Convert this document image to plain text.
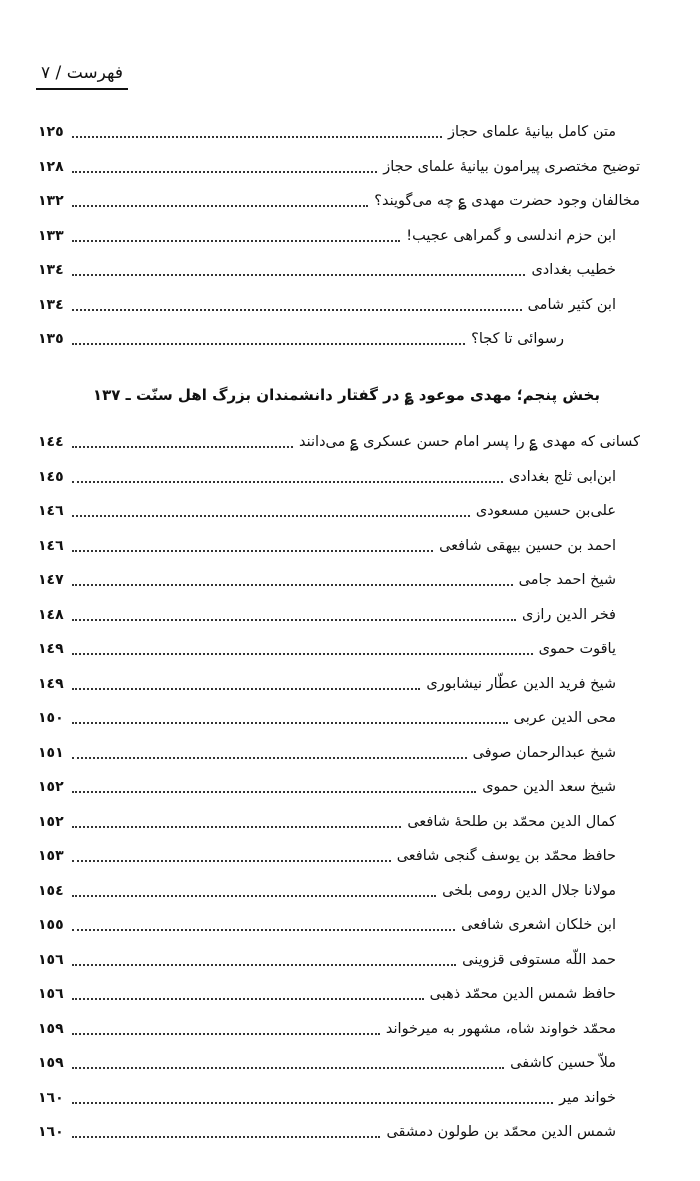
فهرست / ٧
متن کامل بیانیهٔ علمای حجاز
١٢٥
توضیح مختصری پیرامون بیانیهٔ علمای حجاز
١٢٨
مخالفان وجود حضرت مهدی ؏ چه می‌گویند؟
١٣٢
ابن حزم اندلسی و گمراهی عجیب!
١٣٣
خطیب بغدادی
١٣٤
ابن کثیر شامی
١٣٤
رسوائی تا کجا؟
١٣٥
بخش پنجم؛ مهدی موعود ؏ در گفتار دانشمندان بزرگ اهل سنّت ـ ١٣٧
کسانی که مهدی ؏ را پسر امام حسن عسکری ؏ می‌دانند
١٤٤
ابن‌ابی ثلج بغدادی
١٤٥
علی‌بن حسین مسعودی
١٤٦
احمد بن حسین بیهقی شافعی
١٤٦
شیخ احمد جامی
١٤٧
فخر الدین رازی
١٤٨
یاقوت حموی
١٤٩
شیخ فرید الدین عطّار نیشابوری
١٤٩
محی الدین عربی
١٥٠
شیخ عبدالرحمان صوفی
١٥١
شیخ سعد الدین حموی
١٥٢
کمال الدین محمّد بن طلحهٔ شافعی
١٥٢
حافظ محمّد بن یوسف گنجی شافعی
١٥٣
مولانا جلال الدین رومی بلخی
١٥٤
ابن خلکان اشعری شافعی
١٥٥
حمد اللّه مستوفی قزوینی
١٥٦
حافظ شمس الدین محمّد ذهبی
١٥٦
محمّد خواوند شاه، مشهور به میرخواند
١٥٩
ملاّ حسین کاشفی
١٥٩
خواند میر
١٦٠
شمس الدین محمّد بن طولون دمشقی
١٦٠
